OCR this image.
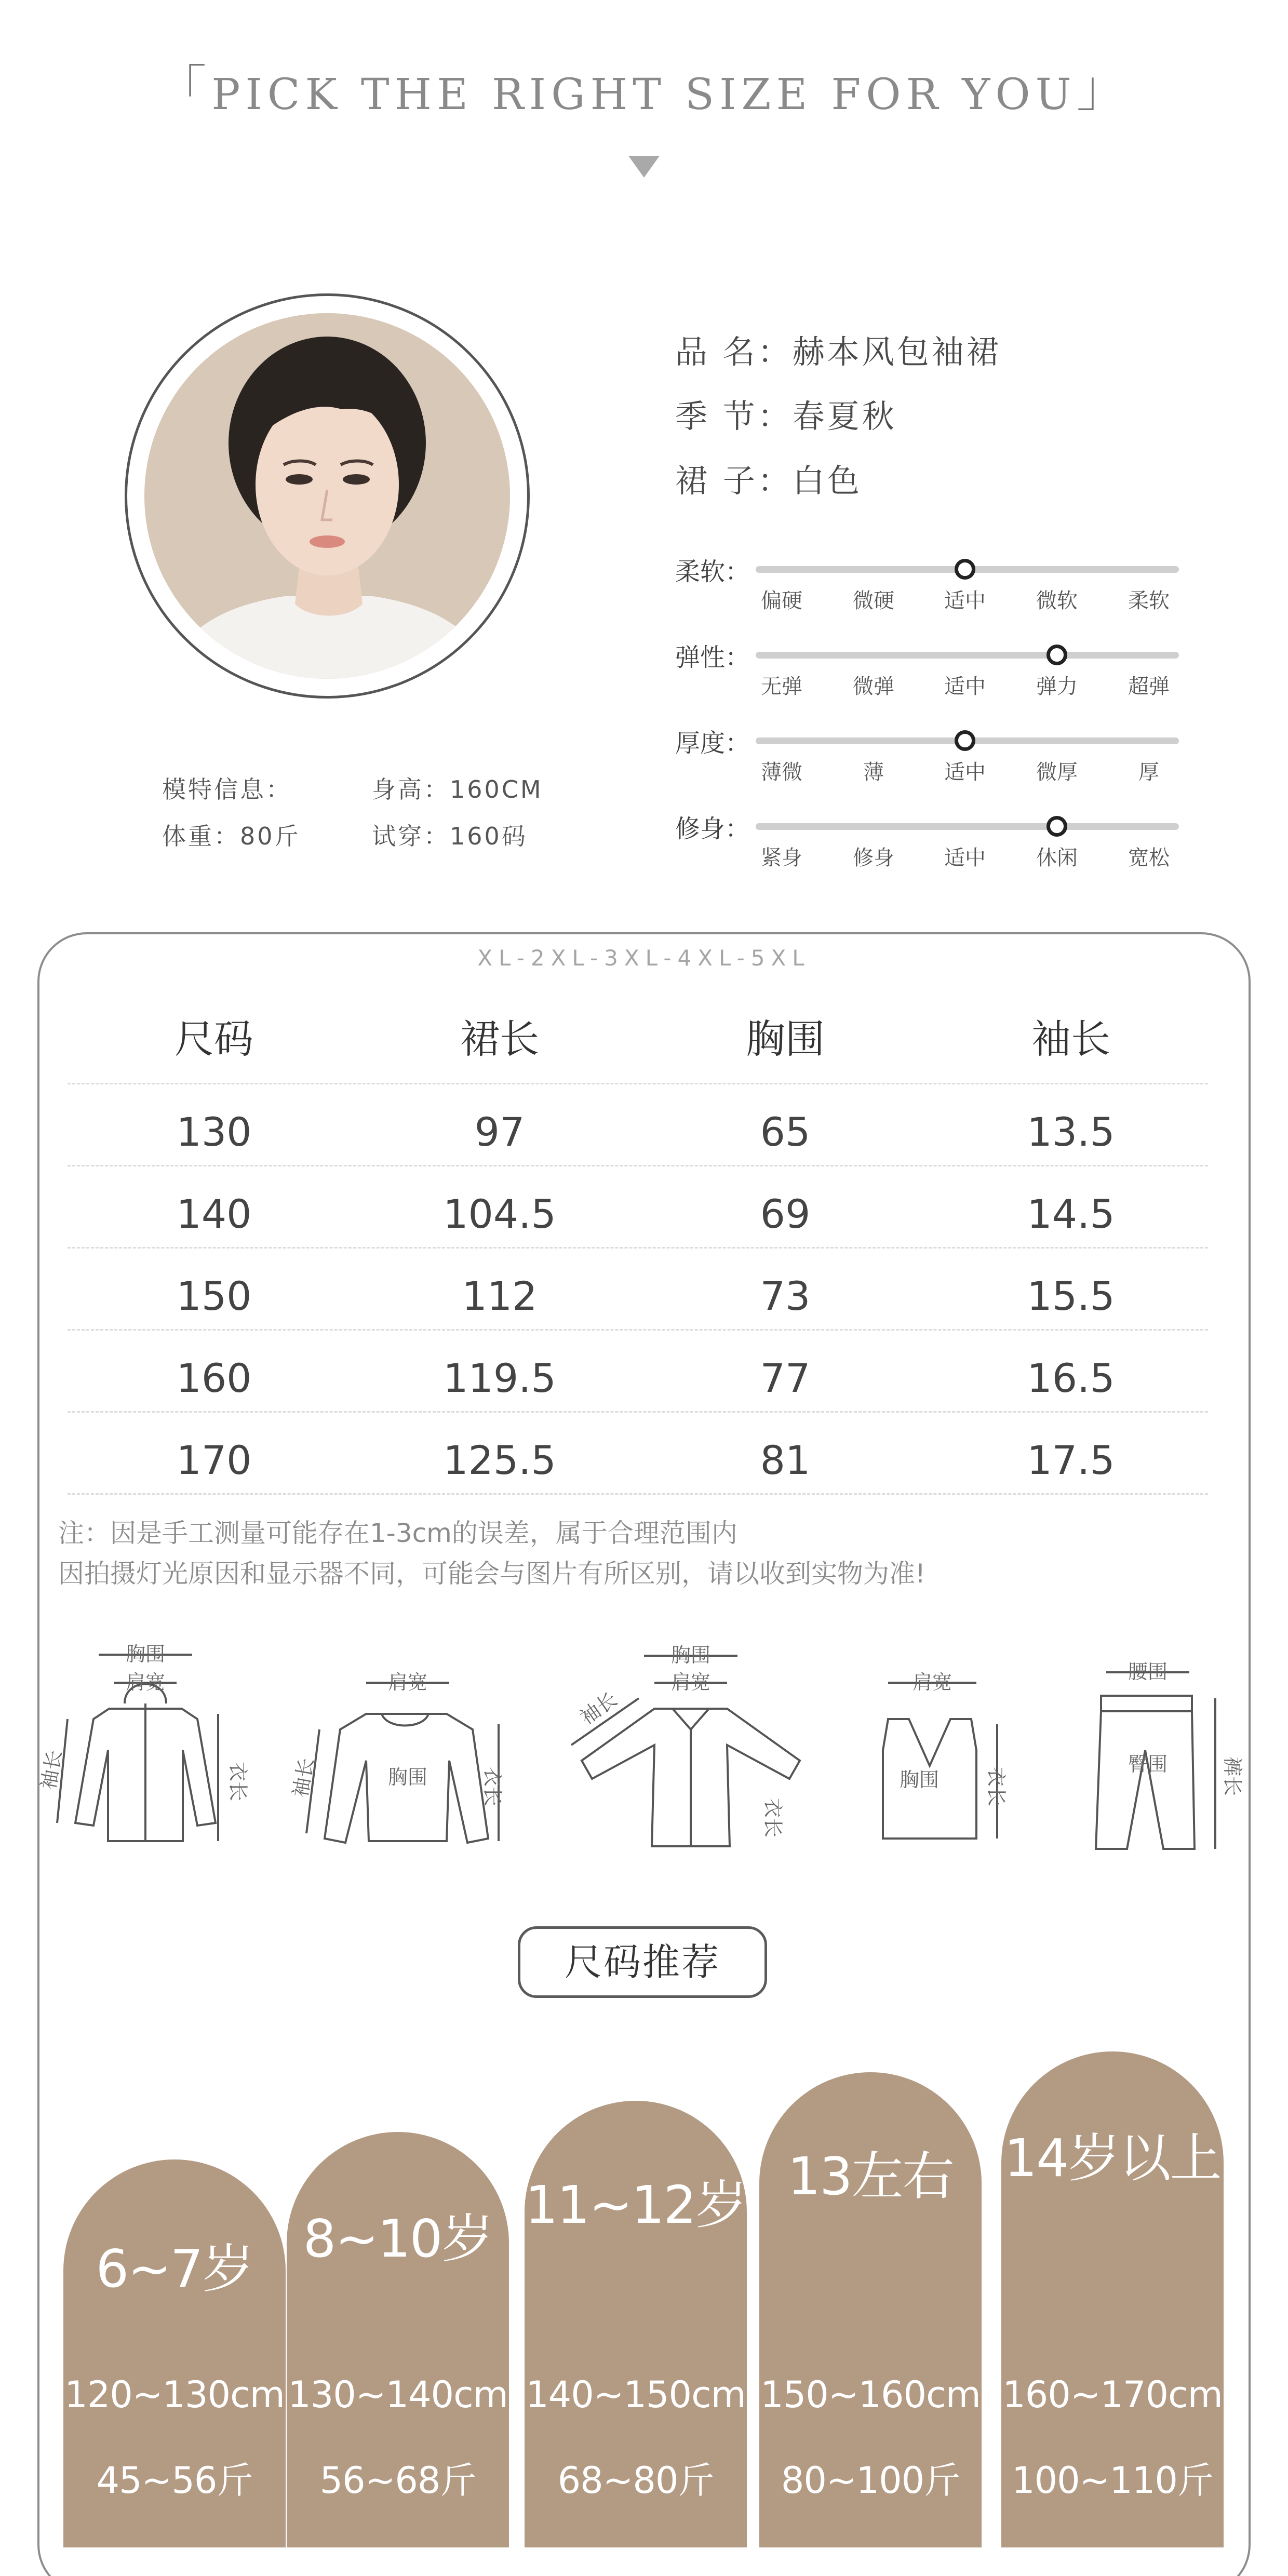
「PICK THE RIGHT SIZE FOR YOU」
模特信息：	身高：160CM
体重：80斤	试穿：160码
品 名：赫本风包袖裙
季 节：春夏秋
裙 子：白色
柔软：
偏硬	微硬	适中	微软	柔软
弹性：
无弹	微弹	适中	弹力	超弹
厚度：
薄微	薄	适中	微厚	厚
修身：
紧身	修身	适中	休闲	宽松
XL-2XL-3XL-4XL-5XL
尺码	裙长	胸围	袖长
130	97	65	13.5
140	104.5	69	14.5
150	112	73	15.5
160	119.5	77	16.5
170	125.5	81	17.5
注：因是手工测量可能存在1-3cm的误差，属于合理范围内
因拍摄灯光原因和显示器不同，可能会与图片有所区别，请以收到实物为准!
胸围
肩宽
袖长	衣长
肩宽
胸围
袖长	衣长
胸围
肩宽
袖长
衣长
肩宽
胸围 衣长
腰围
臀围	裤长
尺码推荐
6~7岁
120~130cm
45~56斤
8~10岁
130~140cm
56~68斤
11~12岁
140~150cm
68~80斤
13左右
150~160cm
80~100斤
14岁以上
160~170cm
100~110斤
